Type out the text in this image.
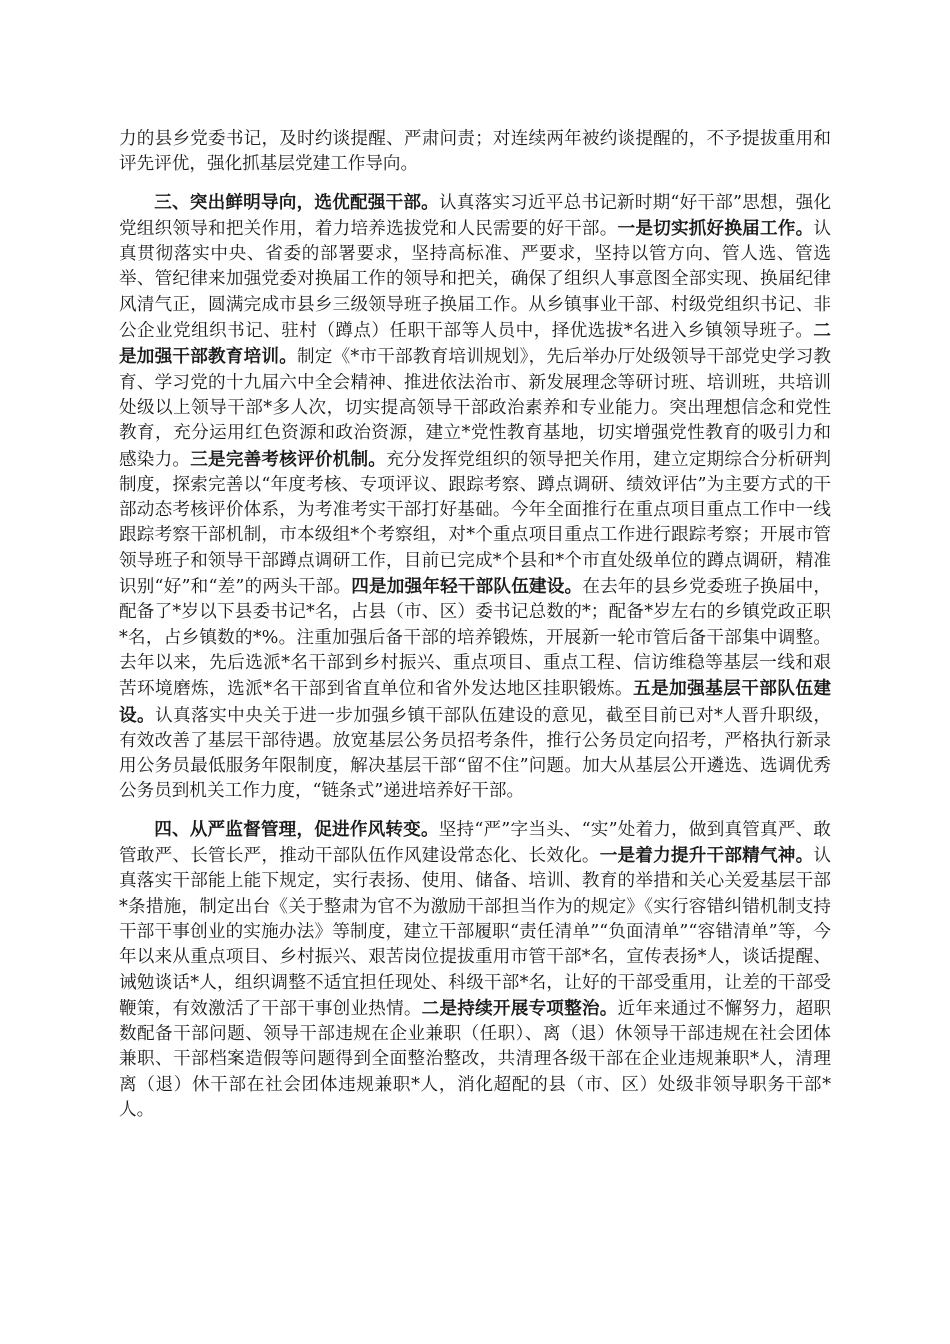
力的县乡党委书记，及时约谈提醒、严肃问责；对连续两年被约谈提醒的，不予提拔重用和评先评优，强化抓基层党建工作导向。

三、突出鲜明导向，选优配强干部。认真落实习近平总书记新时期“好干部”思想，强化党组织领导和把关作用，着力培养选拔党和人民需要的好干部。一是切实抓好换届工作。认真贯彻落实中央、省委的部署要求，坚持高标准、严要求，坚持以管方向、管人选、管选举、管纪律来加强党委对换届工作的领导和把关，确保了组织人事意图全部实现、换届纪律风清气正，圆满完成市县乡三级领导班子换届工作。从乡镇事业干部、村级党组织书记、非公企业党组织书记、驻村（蹲点）任职干部等人员中，择优选拔*名进入乡镇领导班子。二是加强干部教育培训。制定《*市干部教育培训规划》，先后举办厅处级领导干部党史学习教育、学习党的十九届六中全会精神、推进依法治市、新发展理念等研讨班、培训班，共培训处级以上领导干部*多人次，切实提高领导干部政治素养和专业能力。突出理想信念和党性教育，充分运用红色资源和政治资源，建立*党性教育基地，切实增强党性教育的吸引力和感染力。三是完善考核评价机制。充分发挥党组织的领导把关作用，建立定期综合分析研判制度，探索完善以“年度考核、专项评议、跟踪考察、蹲点调研、绩效评估”为主要方式的干部动态考核评价体系，为考准考实干部打好基础。今年全面推行在重点项目重点工作中一线跟踪考察干部机制，市本级组*个考察组，对*个重点项目重点工作进行跟踪考察；开展市管领导班子和领导干部蹲点调研工作，目前已完成*个县和*个市直处级单位的蹲点调研，精准识别“好”和“差”的两头干部。四是加强年轻干部队伍建设。在去年的县乡党委班子换届中，配备了*岁以下县委书记*名，占县（市、区）委书记总数的*；配备*岁左右的乡镇党政正职*名，占乡镇数的*%。注重加强后备干部的培养锻炼，开展新一轮市管后备干部集中调整。去年以来，先后选派*名干部到乡村振兴、重点项目、重点工程、信访维稳等基层一线和艰苦环境磨炼，选派*名干部到省直单位和省外发达地区挂职锻炼。五是加强基层干部队伍建设。认真落实中央关于进一步加强乡镇干部队伍建设的意见，截至目前已对*人晋升职级，有效改善了基层干部待遇。放宽基层公务员招考条件，推行公务员定向招考，严格执行新录用公务员最低服务年限制度，解决基层干部“留不住”问题。加大从基层公开遴选、选调优秀公务员到机关工作力度，“链条式”递进培养好干部。

四、从严监督管理，促进作风转变。坚持“严”字当头、“实”处着力，做到真管真严、敢管敢严、长管长严，推动干部队伍作风建设常态化、长效化。一是着力提升干部精气神。认真落实干部能上能下规定，实行表扬、使用、储备、培训、教育的举措和关心关爱基层干部*条措施，制定出台《关于整肃为官不为激励干部担当作为的规定》《实行容错纠错机制支持干部干事创业的实施办法》等制度，建立干部履职“责任清单”“负面清单”“容错清单”等，今年以来从重点项目、乡村振兴、艰苦岗位提拔重用市管干部*名，宣传表扬*人，谈话提醒、诫勉谈话*人，组织调整不适宜担任现处、科级干部*名，让好的干部受重用，让差的干部受鞭策，有效激活了干部干事创业热情。二是持续开展专项整治。近年来通过不懈努力，超职数配备干部问题、领导干部违规在企业兼职（任职）、离（退）休领导干部违规在社会团体兼职、干部档案造假等问题得到全面整治整改，共清理各级干部在企业违规兼职*人，清理离（退）休干部在社会团体违规兼职*人，消化超配的县（市、区）处级非领导职务干部*人。
